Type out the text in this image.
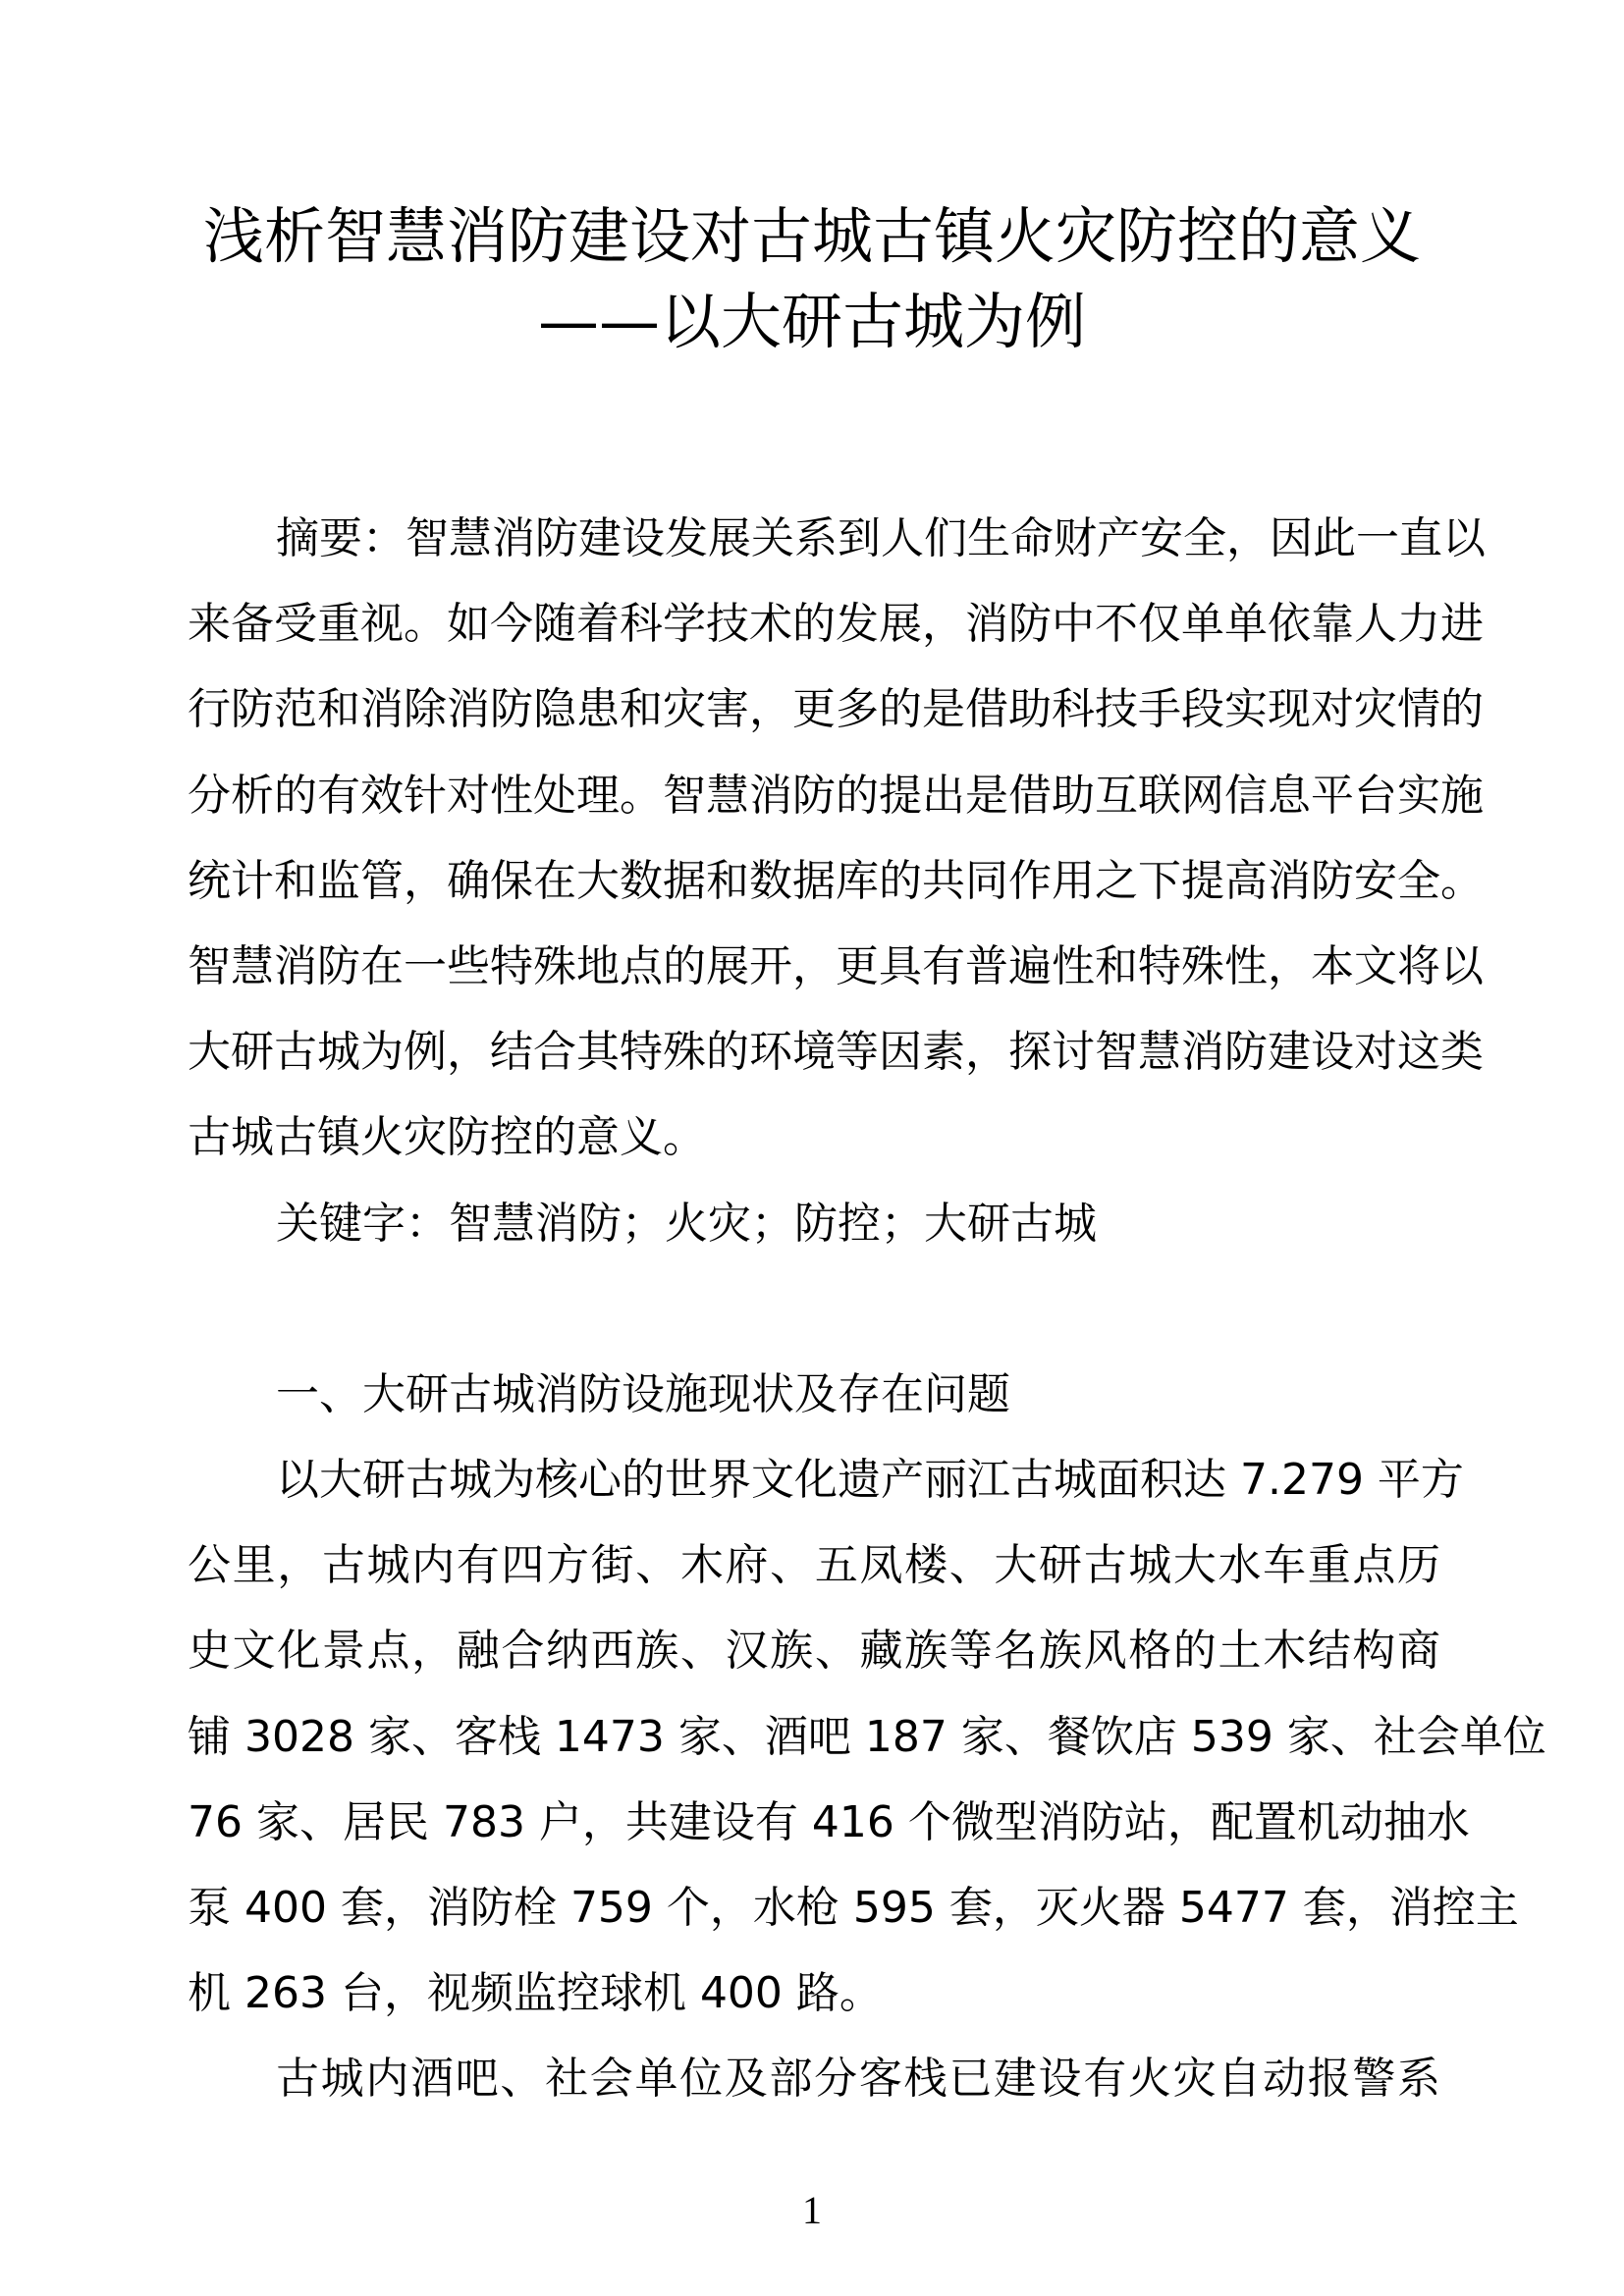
浅析智慧消防建设对古城古镇火灾防控的意义
——以大研古城为例
摘要：智慧消防建设发展关系到人们生命财产安全，因此一直以
来备受重视。如今随着科学技术的发展，消防中不仅单单依靠人力进
行防范和消除消防隐患和灾害，更多的是借助科技手段实现对灾情的
分析的有效针对性处理。智慧消防的提出是借助互联网信息平台实施
统计和监管，确保在大数据和数据库的共同作用之下提高消防安全。
智慧消防在一些特殊地点的展开，更具有普遍性和特殊性，本文将以
大研古城为例，结合其特殊的环境等因素，探讨智慧消防建设对这类
古城古镇火灾防控的意义。
关键字：智慧消防；火灾；防控；大研古城
一、大研古城消防设施现状及存在问题
以大研古城为核心的世界文化遗产丽江古城面积达 7.279 平方
公里，古城内有四方街、木府、五凤楼、大研古城大水车重点历
史文化景点，融合纳西族、汉族、藏族等名族风格的土木结构商
铺 3028 家、客栈 1473 家、酒吧 187 家、餐饮店 539 家、社会单位
76 家、居民 783 户，共建设有 416 个微型消防站，配置机动抽水
泵 400 套，消防栓 759 个，水枪 595 套，灭火器 5477 套，消控主
机 263 台，视频监控球机 400 路。
古城内酒吧、社会单位及部分客栈已建设有火灾自动报警系
1
